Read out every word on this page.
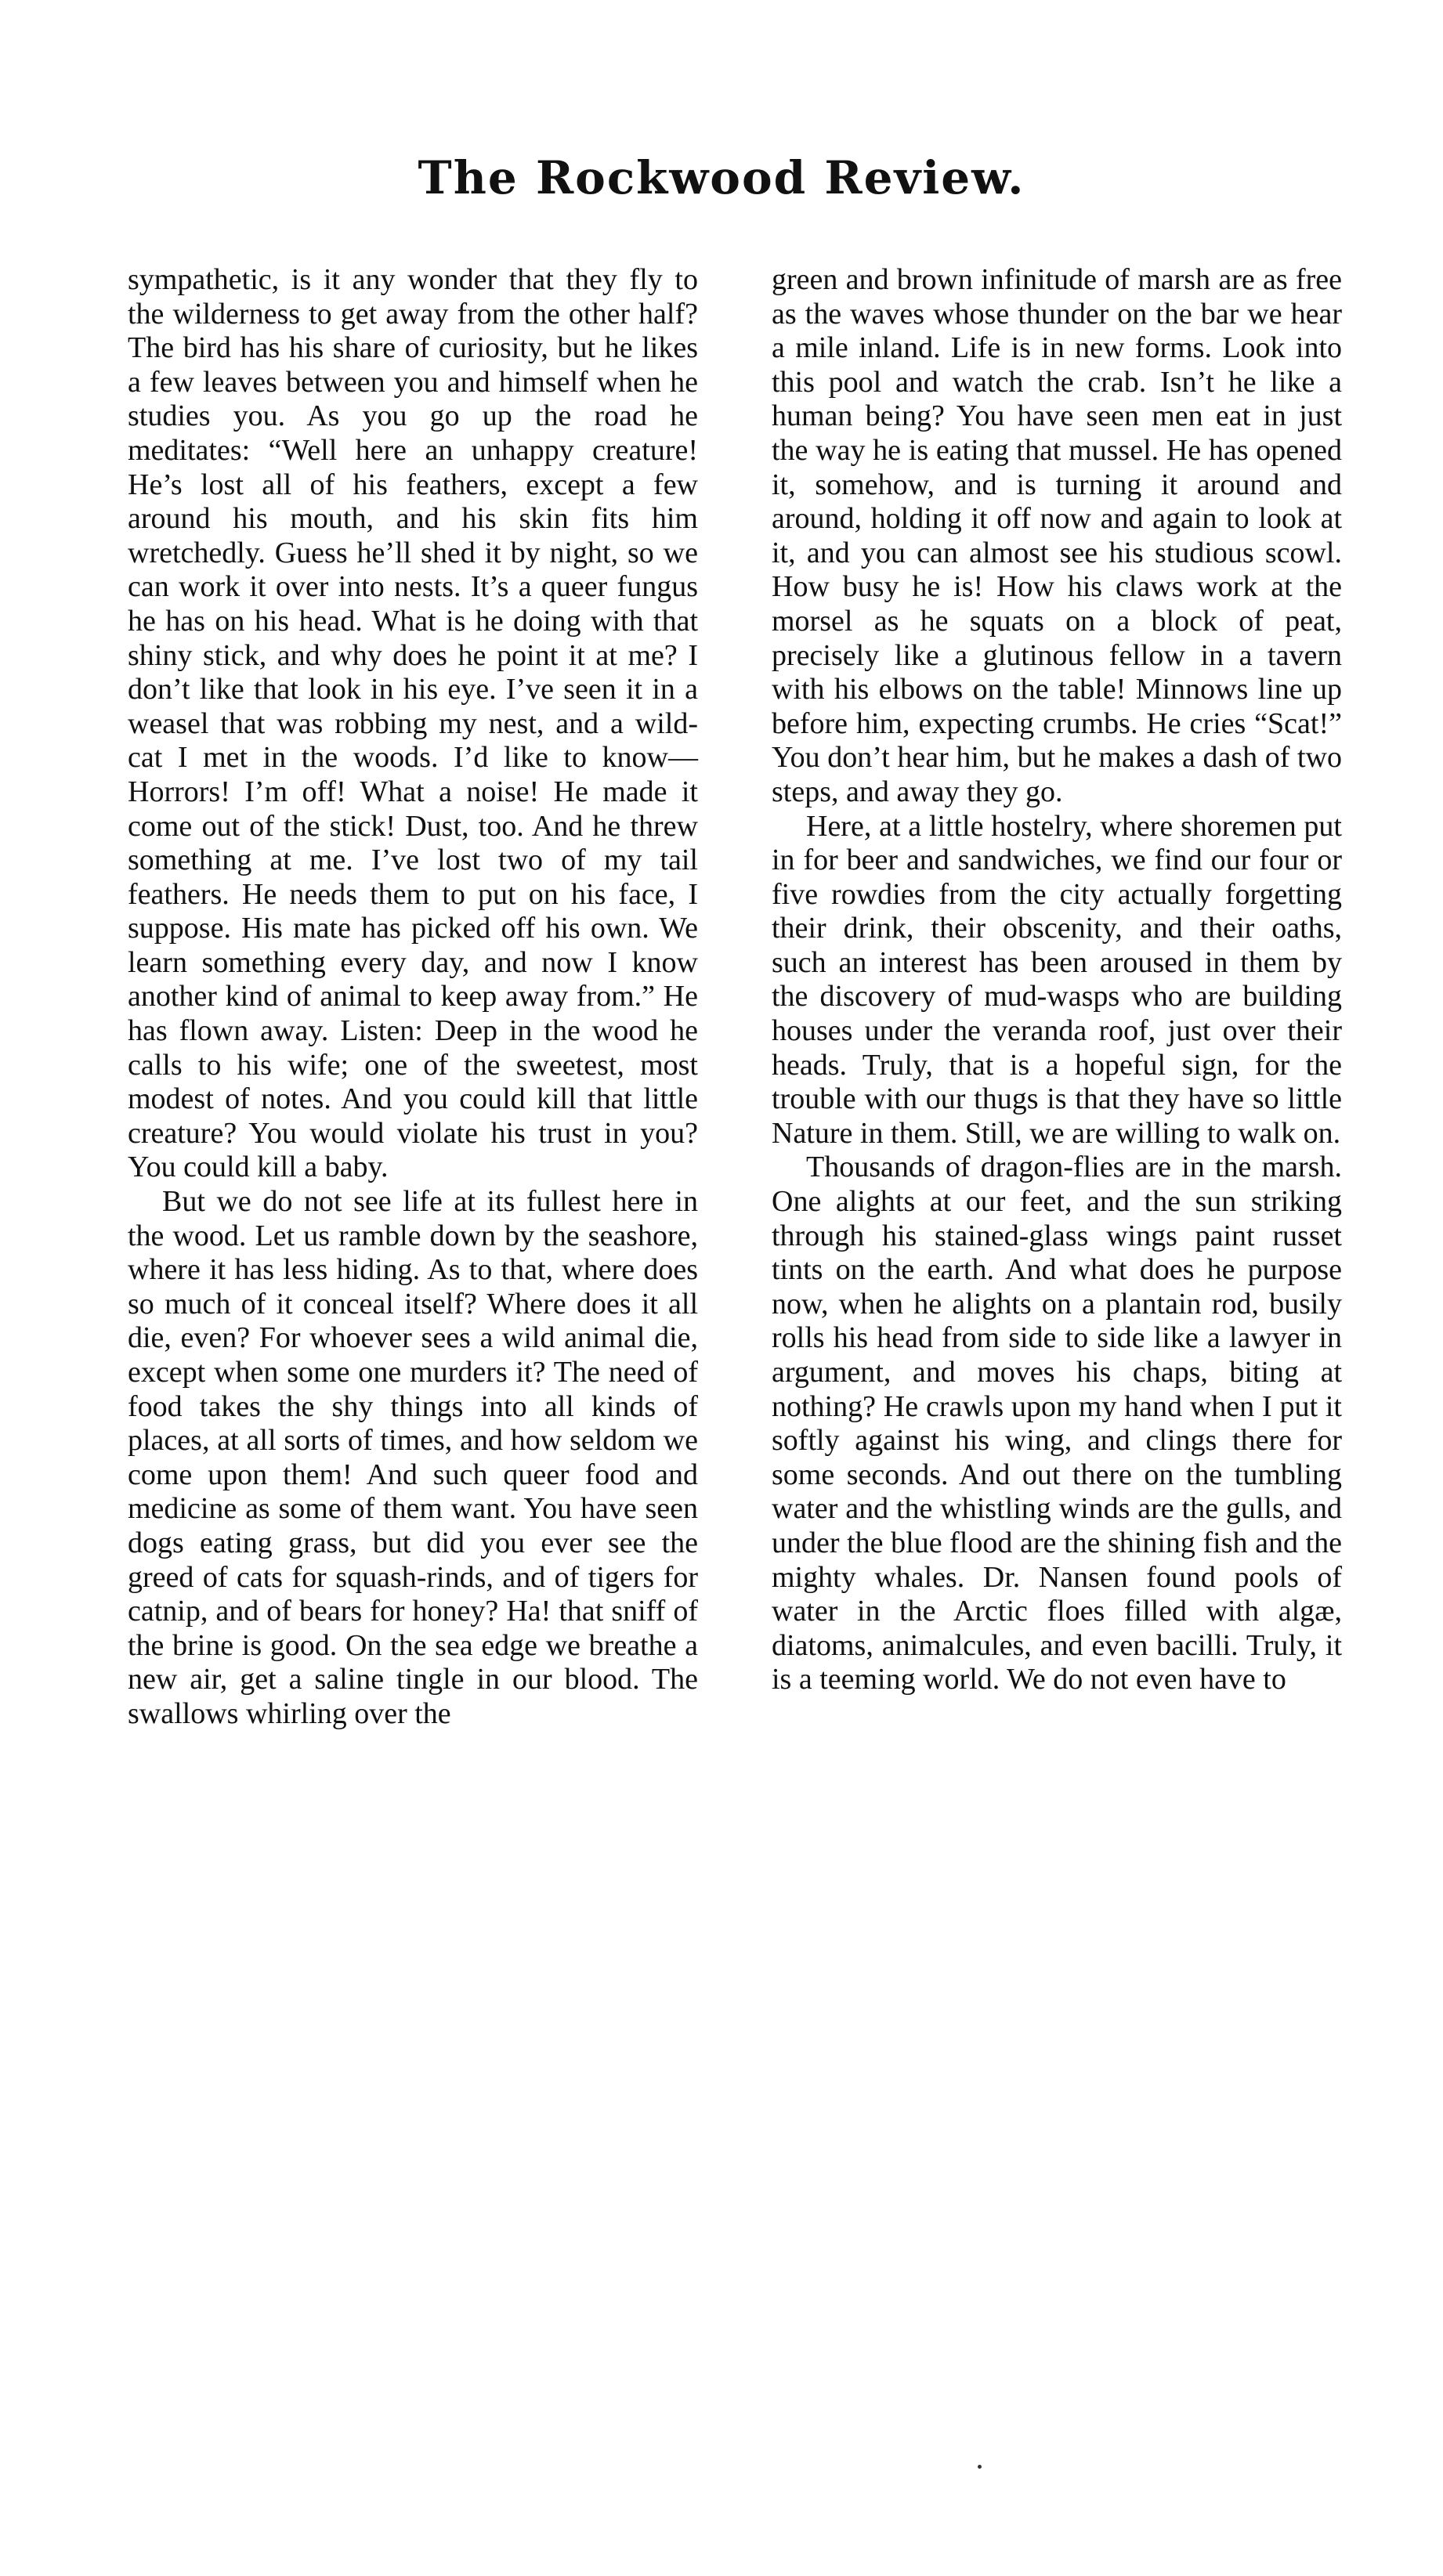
The Rockwood Review.

sympathetic, is it any wonder that they fly to the wilderness to get away from the other half? The bird has his share of curiosity, but he likes a few leaves between you and himself when he studies you. As you go up the road he meditates: “Well here an unhappy creature! He’s lost all of his feathers, except a few around his mouth, and his skin fits him wretchedly. Guess he’ll shed it by night, so we can work it over into nests. It’s a queer fungus he has on his head. What is he doing with that shiny stick, and why does he point it at me? I don’t like that look in his eye. I’ve seen it in a weasel that was robbing my nest, and a wild-cat I met in the woods. I’d like to know—Horrors! I’m off! What a noise! He made it come out of the stick! Dust, too. And he threw something at me. I’ve lost two of my tail feathers. He needs them to put on his face, I suppose. His mate has picked off his own. We learn something every day, and now I know another kind of animal to keep away from.” He has flown away. Listen: Deep in the wood he calls to his wife; one of the sweetest, most modest of notes. And you could kill that little creature? You would violate his trust in you? You could kill a baby.

But we do not see life at its fullest here in the wood. Let us ramble down by the seashore, where it has less hiding. As to that, where does so much of it conceal itself? Where does it all die, even? For whoever sees a wild animal die, except when some one murders it? The need of food takes the shy things into all kinds of places, at all sorts of times, and how seldom we come upon them! And such queer food and medicine as some of them want. You have seen dogs eating grass, but did you ever see the greed of cats for squash-rinds, and of tigers for catnip, and of bears for honey? Ha! that sniff of the brine is good. On the sea edge we breathe a new air, get a saline tingle in our blood. The swallows whirling over the

green and brown infinitude of marsh are as free as the waves whose thunder on the bar we hear a mile inland. Life is in new forms. Look into this pool and watch the crab. Isn’t he like a human being? You have seen men eat in just the way he is eating that mussel. He has opened it, somehow, and is turning it around and around, holding it off now and again to look at it, and you can almost see his studious scowl. How busy he is! How his claws work at the morsel as he squats on a block of peat, precisely like a glutinous fellow in a tavern with his elbows on the table! Minnows line up before him, expecting crumbs. He cries “Scat!” You don’t hear him, but he makes a dash of two steps, and away they go.

Here, at a little hostelry, where shoremen put in for beer and sandwiches, we find our four or five rowdies from the city actually forgetting their drink, their obscenity, and their oaths, such an interest has been aroused in them by the discovery of mud-wasps who are building houses under the veranda roof, just over their heads. Truly, that is a hopeful sign, for the trouble with our thugs is that they have so little Nature in them. Still, we are willing to walk on.

Thousands of dragon-flies are in the marsh. One alights at our feet, and the sun striking through his stained-glass wings paint russet tints on the earth. And what does he purpose now, when he alights on a plantain rod, busily rolls his head from side to side like a lawyer in argument, and moves his chaps, biting at nothing? He crawls upon my hand when I put it softly against his wing, and clings there for some seconds. And out there on the tumbling water and the whistling winds are the gulls, and under the blue flood are the shining fish and the mighty whales. Dr. Nansen found pools of water in the Arctic floes filled with algæ, diatoms, animalcules, and even bacilli. Truly, it is a teeming world. We do not even have to
